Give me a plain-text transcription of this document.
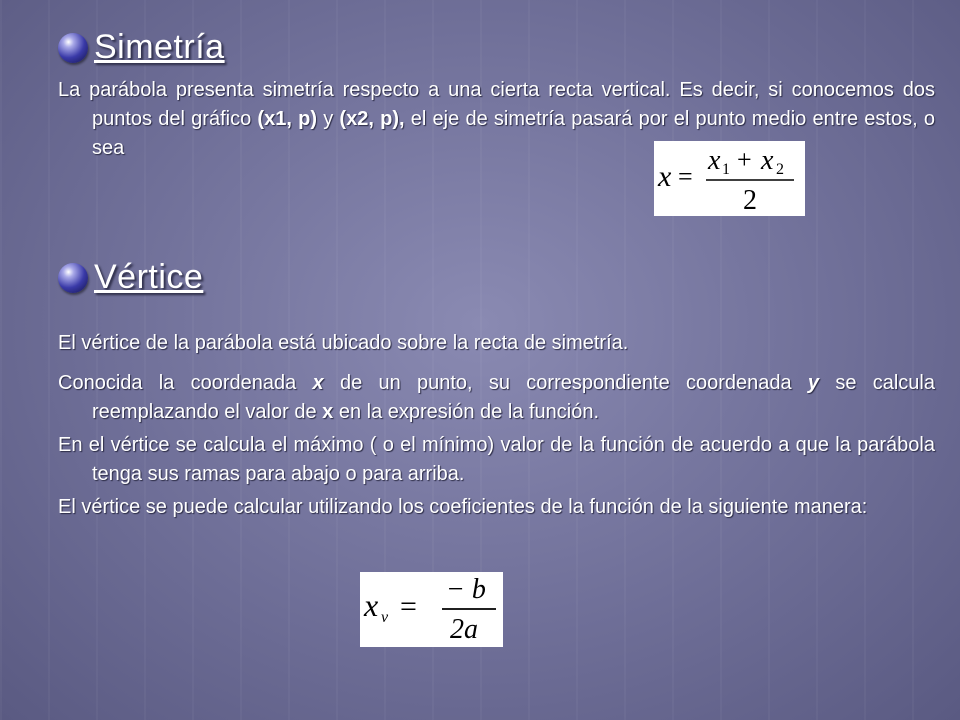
Simetría
La parábola presenta simetría respecto a una cierta recta vertical. Es decir, si conocemos dos puntos del gráfico (x1, p) y (x2, p), el eje de simetría pasará por el punto medio entre estos, o sea
x =
x 1 + x 2
2
Vértice
El vértice de la parábola está ubicado sobre la recta de simetría.
Conocida la coordenada x de un punto, su correspondiente coordenada y se calcula reemplazando el valor de x en la expresión de la función.
En el vértice se calcula el máximo ( o el mínimo) valor de la función de acuerdo a que la parábola tenga sus ramas para abajo o para arriba.
El vértice se puede calcular utilizando los coeficientes de la función de la siguiente manera:
x v =
− b
2a
